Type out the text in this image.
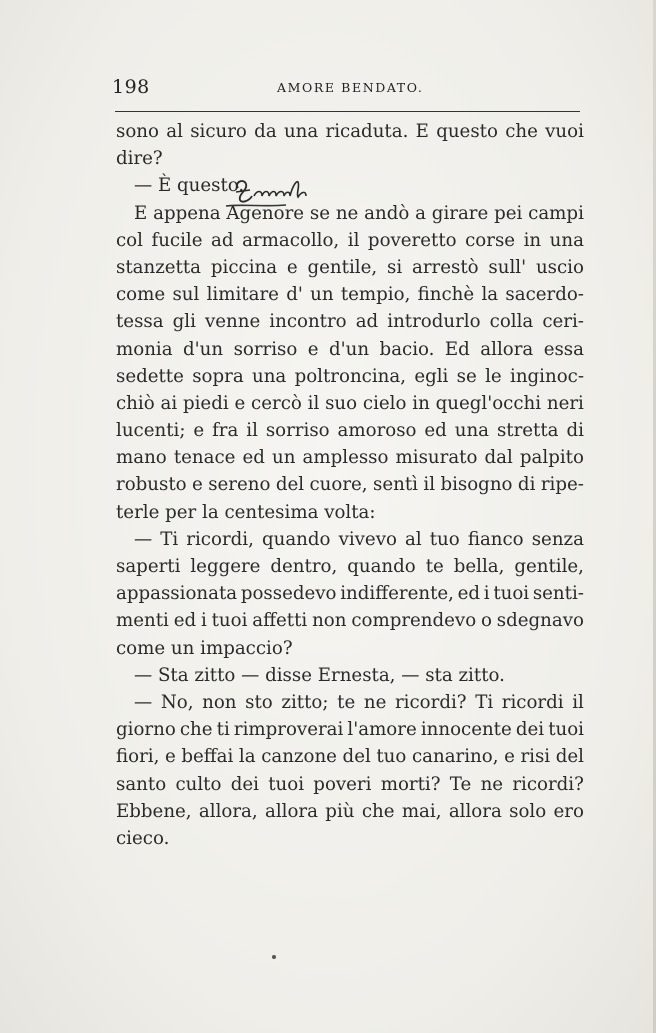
198	AMORE BENDATO.
sono al sicuro da una ricaduta. E questo che vuoi
dire?
— È questo.
E appena Agenore se ne andò a girare pei campi
col fucile ad armacollo, il poveretto corse in una
stanzetta piccina e gentile, si arrestò sull' uscio
come sul limitare d' un tempio, finchè la sacerdo-
tessa gli venne incontro ad introdurlo colla ceri-
monia d'un sorriso e d'un bacio. Ed allora essa
sedette sopra una poltroncina, egli se le inginoc-
chiò ai piedi e cercò il suo cielo in quegl'occhi neri
lucenti; e fra il sorriso amoroso ed una stretta di
mano tenace ed un amplesso misurato dal palpito
robusto e sereno del cuore, sentì il bisogno di ripe-
terle per la centesima volta:
— Ti ricordi, quando vivevo al tuo fianco senza
saperti leggere dentro, quando te bella, gentile,
appassionata possedevo indifferente, ed i tuoi senti-
menti ed i tuoi affetti non comprendevo o sdegnavo
come un impaccio?
— Sta zitto — disse Ernesta, — sta zitto.
— No, non sto zitto; te ne ricordi? Ti ricordi il
giorno che ti rimproverai l'amore innocente dei tuoi
fiori, e beffai la canzone del tuo canarino, e risi del
santo culto dei tuoi poveri morti? Te ne ricordi?
Ebbene, allora, allora più che mai, allora solo ero
cieco.
